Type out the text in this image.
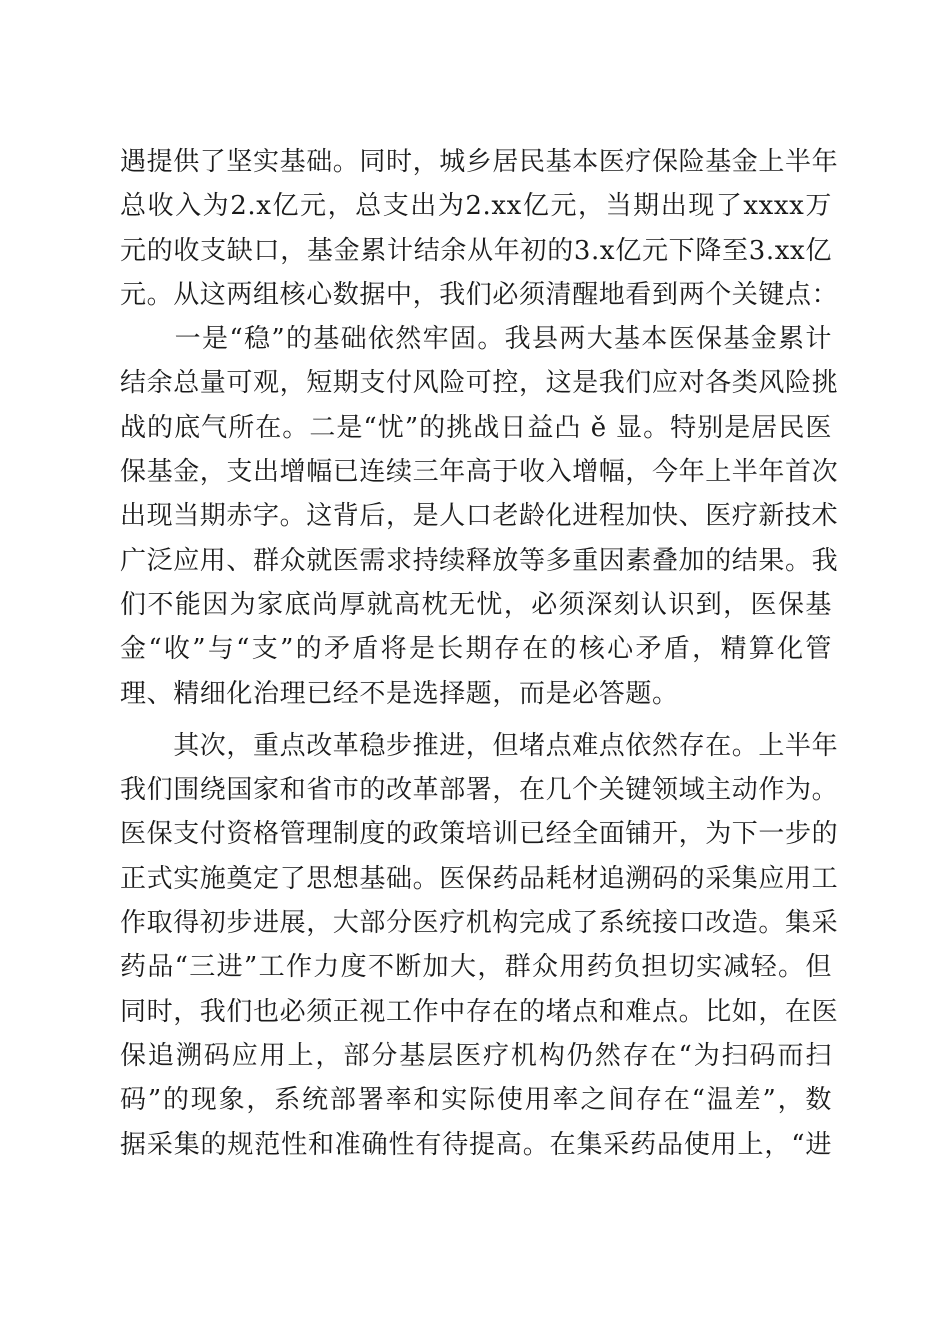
遇提供了坚实基础。同时，城乡居民基本医疗保险基金上半年
总收入为2.x亿元，总支出为2.xx亿元，当期出现了xxxx万
元的收支缺口，基金累计结余从年初的3.x亿元下降至3.xx亿
元。从这两组核心数据中，我们必须清醒地看到两个关键点：
　　一是“稳”的基础依然牢固。我县两大基本医保基金累计
结余总量可观，短期支付风险可控，这是我们应对各类风险挑
战的底气所在。二是“忧”的挑战日益凸 ě 显。特别是居民医
保基金，支出增幅已连续三年高于收入增幅，今年上半年首次
出现当期赤字。这背后，是人口老龄化进程加快、医疗新技术
广泛应用、群众就医需求持续释放等多重因素叠加的结果。我
们不能因为家底尚厚就高枕无忧，必须深刻认识到，医保基
金“收”与“支”的矛盾将是长期存在的核心矛盾，精算化管
理、精细化治理已经不是选择题，而是必答题。
　　其次，重点改革稳步推进，但堵点难点依然存在。上半年
我们围绕国家和省市的改革部署，在几个关键领域主动作为。
医保支付资格管理制度的政策培训已经全面铺开，为下一步的
正式实施奠定了思想基础。医保药品耗材追溯码的采集应用工
作取得初步进展，大部分医疗机构完成了系统接口改造。集采
药品“三进”工作力度不断加大，群众用药负担切实减轻。但
同时，我们也必须正视工作中存在的堵点和难点。比如，在医
保追溯码应用上，部分基层医疗机构仍然存在“为扫码而扫
码”的现象，系统部署率和实际使用率之间存在“温差”，数
据采集的规范性和准确性有待提高。在集采药品使用上，“进
